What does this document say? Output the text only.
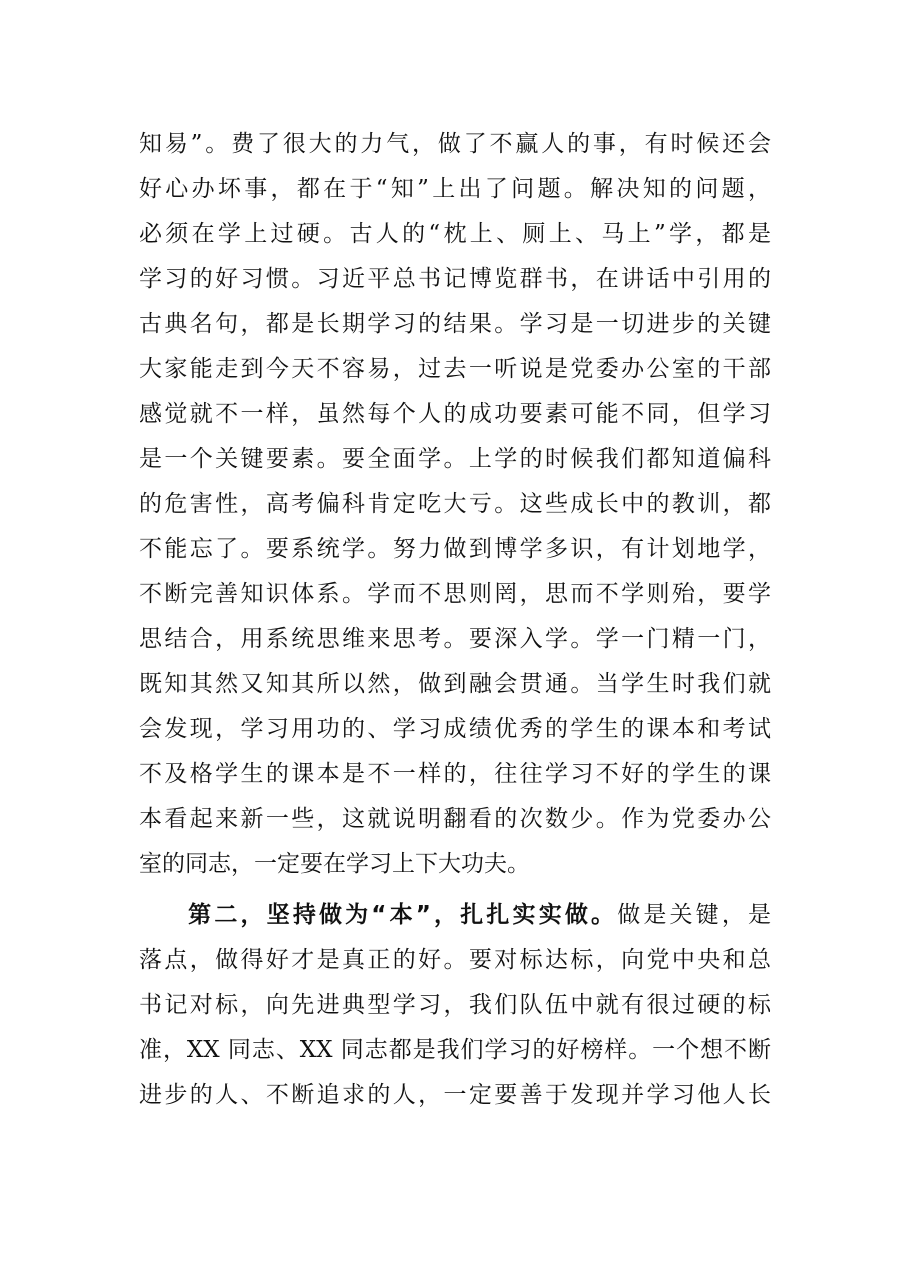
知易”。费了很大的力气，做了不赢人的事，有时候还会
好心办坏事，都在于“知”上出了问题。解决知的问题，
必须在学上过硬。古人的“枕上、厕上、马上”学，都是
学习的好习惯。习近平总书记博览群书，在讲话中引用的
古典名句，都是长期学习的结果。学习是一切进步的关键
大家能走到今天不容易，过去一听说是党委办公室的干部
感觉就不一样，虽然每个人的成功要素可能不同，但学习
是一个关键要素。要全面学。上学的时候我们都知道偏科
的危害性，高考偏科肯定吃大亏。这些成长中的教训，都
不能忘了。要系统学。努力做到博学多识，有计划地学，
不断完善知识体系。学而不思则罔，思而不学则殆，要学
思结合，用系统思维来思考。要深入学。学一门精一门，
既知其然又知其所以然，做到融会贯通。当学生时我们就
会发现，学习用功的、学习成绩优秀的学生的课本和考试
不及格学生的课本是不一样的，往往学习不好的学生的课
本看起来新一些，这就说明翻看的次数少。作为党委办公
室的同志，一定要在学习上下大功夫。
第二，坚持做为“本”，扎扎实实做。做是关键，是
落点，做得好才是真正的好。要对标达标，向党中央和总
书记对标，向先进典型学习，我们队伍中就有很过硬的标
准，XX 同志、XX 同志都是我们学习的好榜样。一个想不断
进步的人、不断追求的人，一定要善于发现并学习他人长
